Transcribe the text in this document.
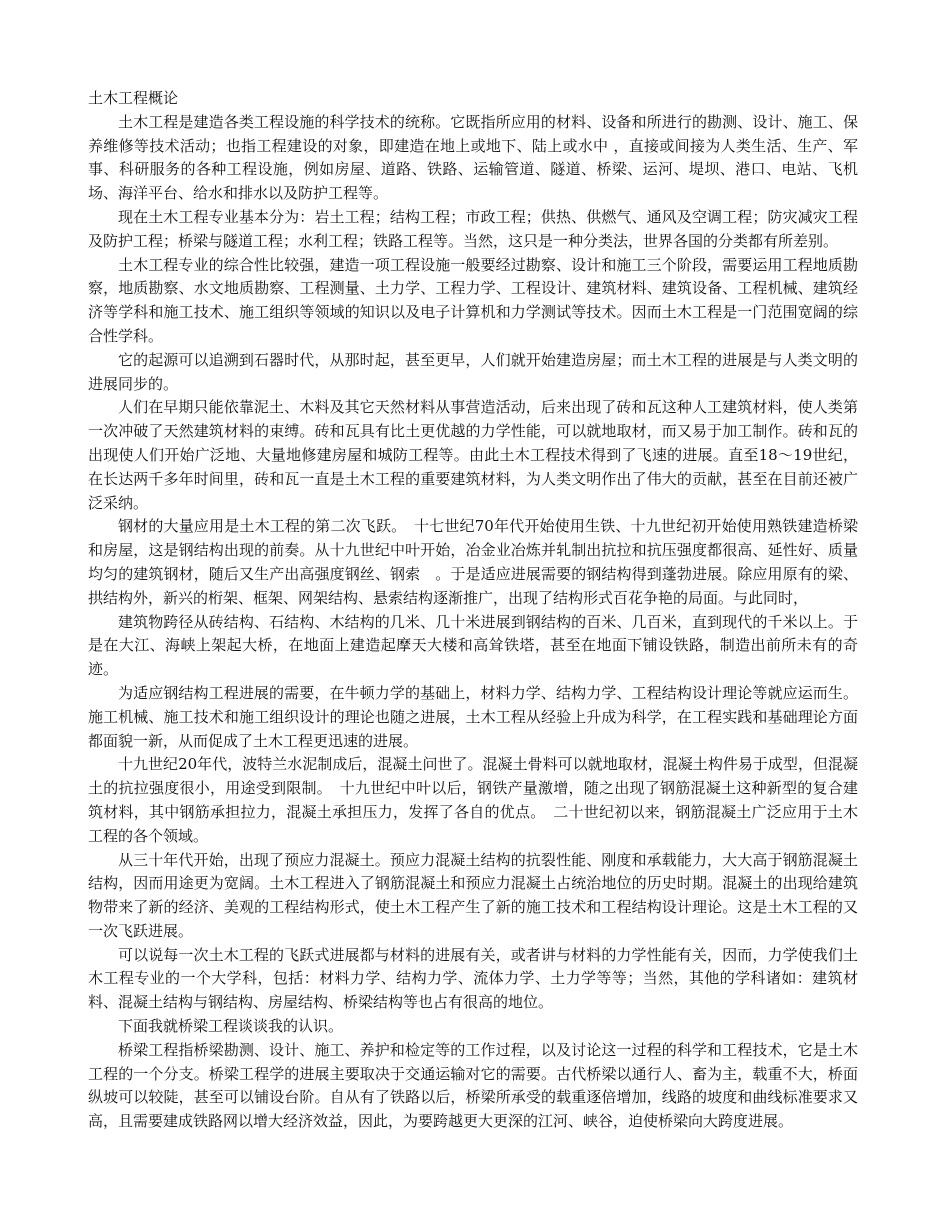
土木工程概论

土木工程是建造各类工程设施的科学技术的统称。它既指所应用的材料、设备和所进行的勘测、设计、施工、保养维修等技术活动；也指工程建设的对象，即建造在地上或地下、陆上或水中 ，直接或间接为人类生活、生产、军事、科研服务的各种工程设施，例如房屋、道路、铁路、运输管道、隧道、桥梁、运河、堤坝、港口、电站、飞机场、海洋平台、给水和排水以及防护工程等。

现在土木工程专业基本分为：岩土工程；结构工程；市政工程；供热、供燃气、通风及空调工程；防灾减灾工程及防护工程；桥梁与隧道工程；水利工程；铁路工程等。当然，这只是一种分类法，世界各国的分类都有所差别。

土木工程专业的综合性比较强，建造一项工程设施一般要经过勘察、设计和施工三个阶段，需要运用工程地质勘察，地质勘察、水文地质勘察、工程测量、土力学、工程力学、工程设计、建筑材料、建筑设备、工程机械、建筑经济等学科和施工技术、施工组织等领域的知识以及电子计算机和力学测试等技术。因而土木工程是一门范围宽阔的综合性学科。

它的起源可以追溯到石器时代，从那时起，甚至更早，人们就开始建造房屋；而土木工程的进展是与人类文明的进展同步的。

人们在早期只能依靠泥土、木料及其它天然材料从事营造活动，后来出现了砖和瓦这种人工建筑材料，使人类第一次冲破了天然建筑材料的束缚。砖和瓦具有比土更优越的力学性能，可以就地取材，而又易于加工制作。砖和瓦的出现使人们开始广泛地、大量地修建房屋和城防工程等。由此土木工程技术得到了飞速的进展。直至18～19世纪，在长达两千多年时间里，砖和瓦一直是土木工程的重要建筑材料，为人类文明作出了伟大的贡献，甚至在目前还被广泛采纳。

钢材的大量应用是土木工程的第二次飞跃。　十七世纪70年代开始使用生铁、十九世纪初开始使用熟铁建造桥梁和房屋，这是钢结构出现的前奏。从十九世纪中叶开始，冶金业冶炼并轧制出抗拉和抗压强度都很高、延性好、质量均匀的建筑钢材，随后又生产出高强度钢丝、钢索　。于是适应进展需要的钢结构得到蓬勃进展。除应用原有的梁、拱结构外，新兴的桁架、框架、网架结构、悬索结构逐渐推广，出现了结构形式百花争艳的局面。与此同时，

建筑物跨径从砖结构、石结构、木结构的几米、几十米进展到钢结构的百米、几百米，直到现代的千米以上。于是在大江、海峡上架起大桥，在地面上建造起摩天大楼和高耸铁塔，甚至在地面下铺设铁路，制造出前所未有的奇迹。

为适应钢结构工程进展的需要，在牛顿力学的基础上，材料力学、结构力学、工程结构设计理论等就应运而生。施工机械、施工技术和施工组织设计的理论也随之进展，土木工程从经验上升成为科学，在工程实践和基础理论方面都面貌一新，从而促成了土木工程更迅速的进展。

十九世纪20年代，波特兰水泥制成后，混凝土问世了。混凝土骨料可以就地取材，混凝土构件易于成型，但混凝土的抗拉强度很小，用途受到限制。　十九世纪中叶以后，钢铁产量激增，随之出现了钢筋混凝土这种新型的复合建筑材料，其中钢筋承担拉力，混凝土承担压力，发挥了各自的优点。　二十世纪初以来，钢筋混凝土广泛应用于土木工程的各个领域。

从三十年代开始，出现了预应力混凝土。预应力混凝土结构的抗裂性能、刚度和承载能力，大大高于钢筋混凝土结构，因而用途更为宽阔。土木工程进入了钢筋混凝土和预应力混凝土占统治地位的历史时期。混凝土的出现给建筑物带来了新的经济、美观的工程结构形式，使土木工程产生了新的施工技术和工程结构设计理论。这是土木工程的又一次飞跃进展。

可以说每一次土木工程的飞跃式进展都与材料的进展有关，或者讲与材料的力学性能有关，因而，力学使我们土木工程专业的一个大学科，包括：材料力学、结构力学、流体力学、土力学等等；当然，其他的学科诸如：建筑材料、混凝土结构与钢结构、房屋结构、桥梁结构等也占有很高的地位。

下面我就桥梁工程谈谈我的认识。

桥梁工程指桥梁勘测、设计、施工、养护和检定等的工作过程，以及讨论这一过程的科学和工程技术，它是土木工程的一个分支。桥梁工程学的进展主要取决于交通运输对它的需要。古代桥梁以通行人、畜为主，载重不大，桥面纵坡可以较陡，甚至可以铺设台阶。自从有了铁路以后，桥梁所承受的载重逐倍增加，线路的坡度和曲线标准要求又高，且需要建成铁路网以增大经济效益，因此，为要跨越更大更深的江河、峡谷，迫使桥梁向大跨度进展。
